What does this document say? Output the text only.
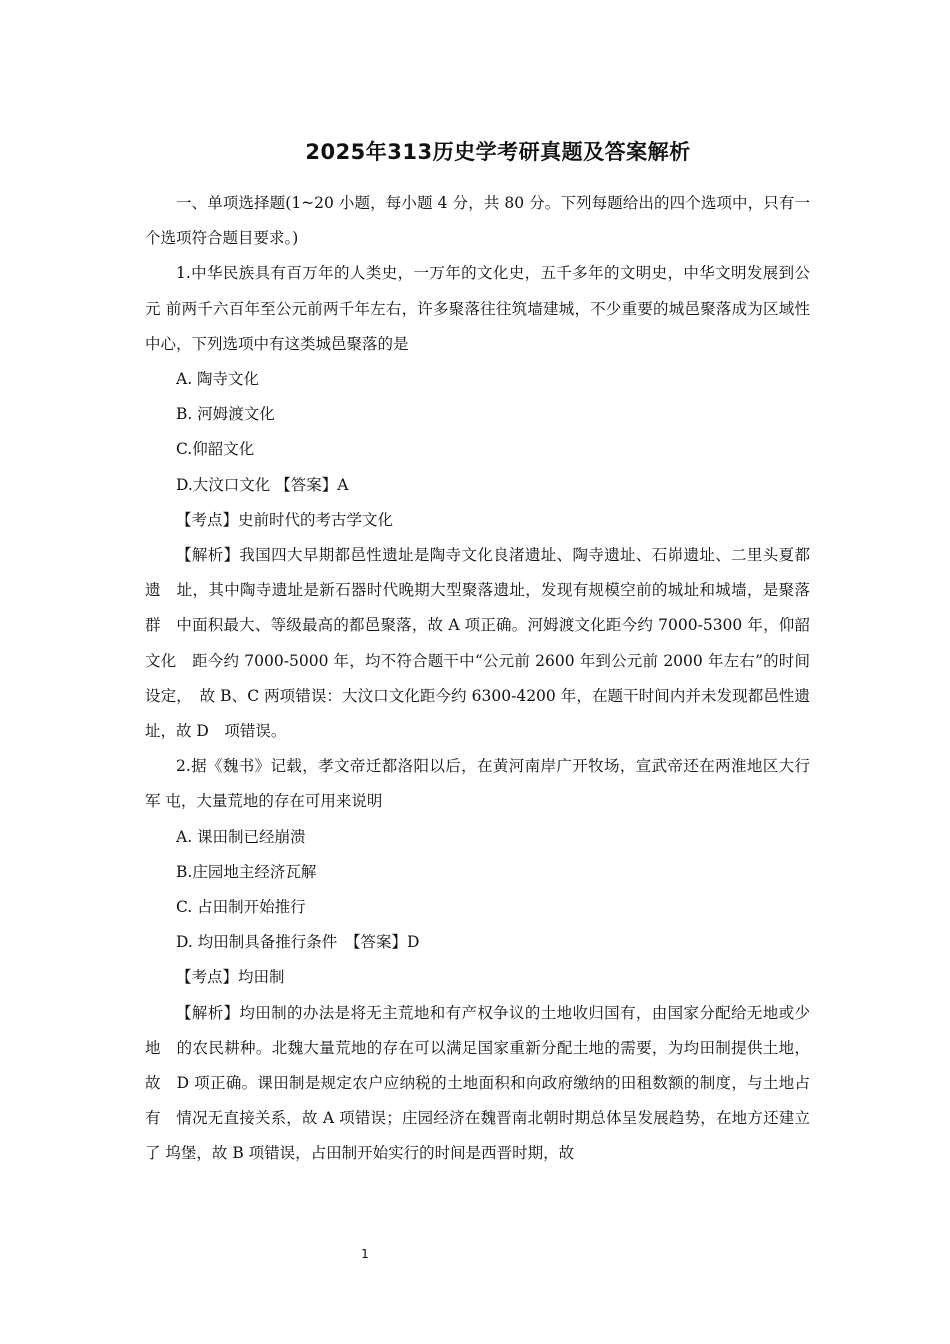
2025年313历史学考研真题及答案解析

一、单项选择题(1~20 小题，每小题 4 分，共 80 分。下列每题给出的四个选项中，只有一 个选项符合题目要求。)

1.中华民族具有百万年的人类史，一万年的文化史，五千多年的文明史，中华文明发展到公元 前两千六百年至公元前两千年左右，许多聚落往往筑墙建城，不少重要的城邑聚落成为区域性　中心，下列选项中有这类城邑聚落的是

A. 陶寺文化

B. 河姆渡文化

C.仰韶文化

D.大汶口文化 【答案】A

【考点】史前时代的考古学文化

【解析】我国四大早期都邑性遗址是陶寺文化良渚遗址、陶寺遗址、石峁遗址、二里头夏都遗　址，其中陶寺遗址是新石器时代晚期大型聚落遗址，发现有规模空前的城址和城墙，是聚落群　中面积最大、等级最高的都邑聚落，故 A 项正确。河姆渡文化距今约 7000-5300 年，仰韶文化　距今约 7000-5000 年，均不符合题干中“公元前 2600 年到公元前 2000 年左右”的时间设定，　故 B、C 两项错误：大汶口文化距今约 6300-4200 年，在题干时间内并未发现都邑性遗址，故 D　项错误。

2.据《魏书》记载，孝文帝迁都洛阳以后，在黄河南岸广开牧场，宣武帝还在两淮地区大行军 屯，大量荒地的存在可用来说明

A. 课田制已经崩溃

B.庄园地主经济瓦解

C. 占田制开始推行

D. 均田制具备推行条件　【答案】D

【考点】均田制

【解析】均田制的办法是将无主荒地和有产权争议的土地收归国有，由国家分配给无地或少地　的农民耕种。北魏大量荒地的存在可以满足国家重新分配土地的需要，为均田制提供土地，故　D 项正确。课田制是规定农户应纳税的土地面积和向政府缴纳的田租数额的制度，与土地占有　情况无直接关系，故 A 项错误；庄园经济在魏晋南北朝时期总体呈发展趋势，在地方还建立了 坞堡，故 B 项错误，占田制开始实行的时间是西晋时期，故

1
